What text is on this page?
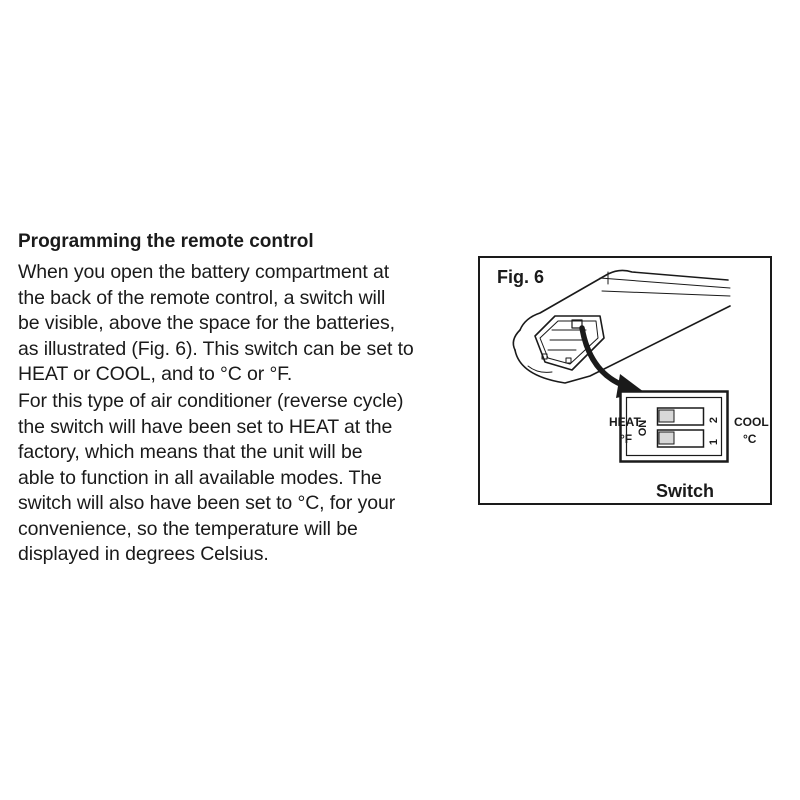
Programming the remote control

When you open the battery compartment at
the back of the remote control, a switch will
be visible, above the space for the batteries,
as illustrated (Fig. 6). This switch can be set to
HEAT or COOL, and to °C or °F.

For this type of air conditioner (reverse cycle)
the switch will have been set to HEAT at the
factory, which means that the unit will be
able to function in all available modes. The
switch will also have been set to °C, for your
convenience, so the temperature will be
displayed in degrees Celsius.

ON	2
1
Fig. 6
HEAT
°F
COOL
°C
Switch
